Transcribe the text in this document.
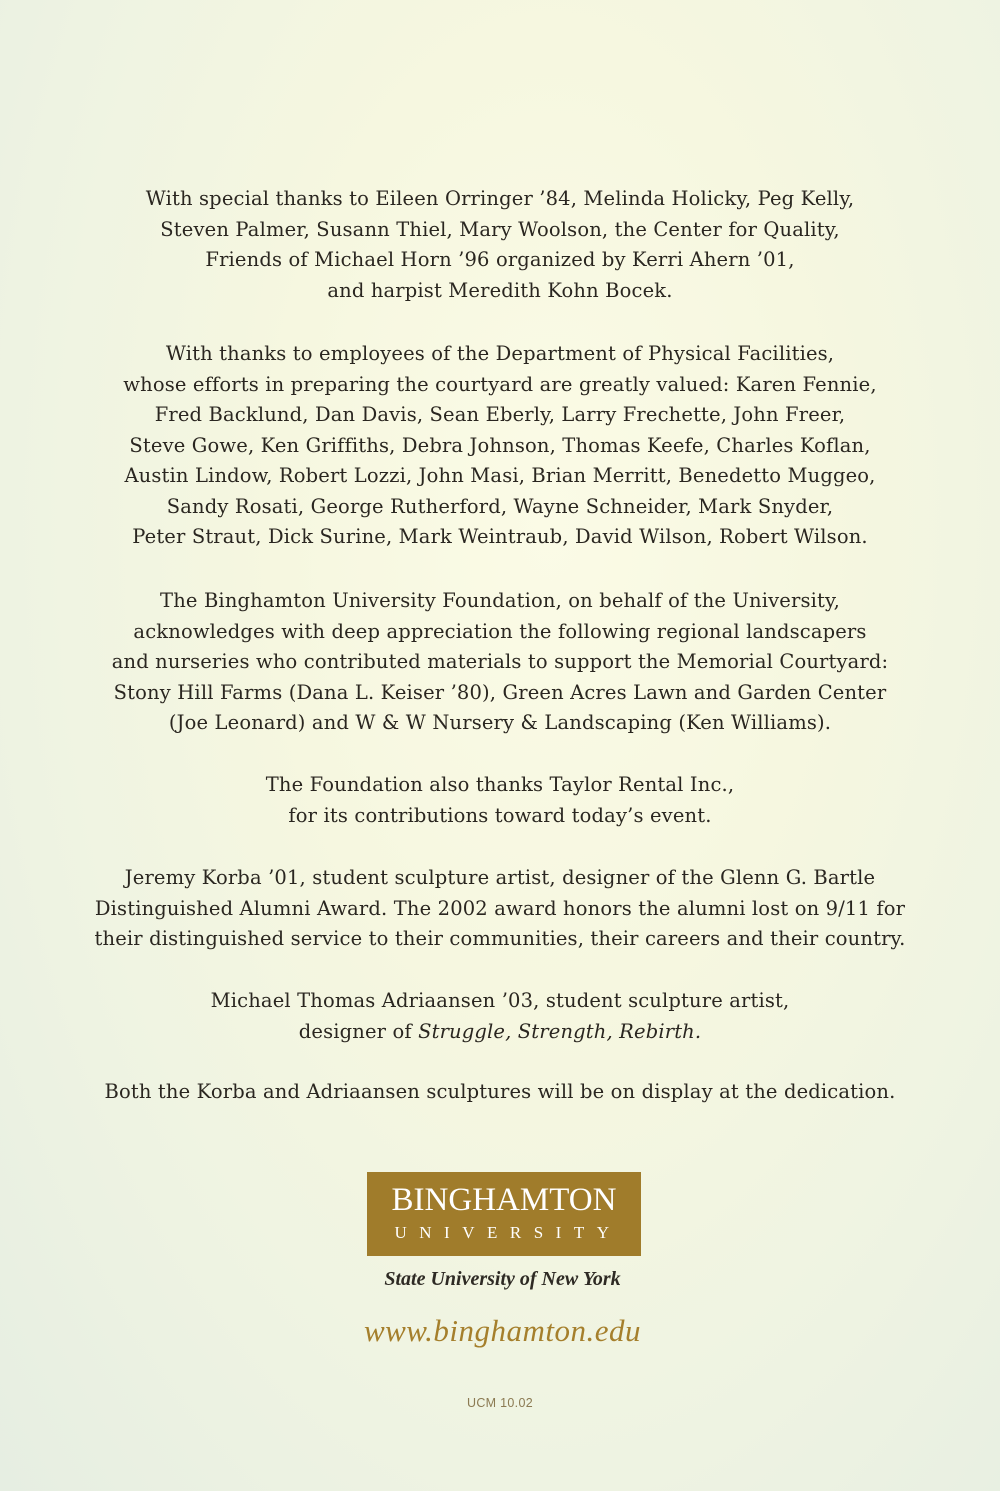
With special thanks to Eileen Orringer ’84, Melinda Holicky, Peg Kelly,

Steven Palmer, Susann Thiel, Mary Woolson, the Center for Quality,

Friends of Michael Horn ’96 organized by Kerri Ahern ’01,

and harpist Meredith Kohn Bocek.

With thanks to employees of the Department of Physical Facilities,

whose efforts in preparing the courtyard are greatly valued: Karen Fennie,

Fred Backlund, Dan Davis, Sean Eberly, Larry Frechette, John Freer,

Steve Gowe, Ken Griffiths, Debra Johnson, Thomas Keefe, Charles Koflan,

Austin Lindow, Robert Lozzi, John Masi, Brian Merritt, Benedetto Muggeo,

Sandy Rosati, George Rutherford, Wayne Schneider, Mark Snyder,

Peter Straut, Dick Surine, Mark Weintraub, David Wilson, Robert Wilson.

The Binghamton University Foundation, on behalf of the University,

acknowledges with deep appreciation the following regional landscapers

and nurseries who contributed materials to support the Memorial Courtyard:

Stony Hill Farms (Dana L. Keiser ’80), Green Acres Lawn and Garden Center

(Joe Leonard) and W & W Nursery & Landscaping (Ken Williams).

The Foundation also thanks Taylor Rental Inc.,

for its contributions toward today’s event.

Jeremy Korba ’01, student sculpture artist, designer of the Glenn G. Bartle

Distinguished Alumni Award. The 2002 award honors the alumni lost on 9/11 for

their distinguished service to their communities, their careers and their country.

Michael Thomas Adriaansen ’03, student sculpture artist,

designer of Struggle, Strength, Rebirth.

Both the Korba and Adriaansen sculptures will be on display at the dedication.

BINGHAMTON
UNIVERSITY
State University of New York
www.binghamton.edu
UCM 10.02
